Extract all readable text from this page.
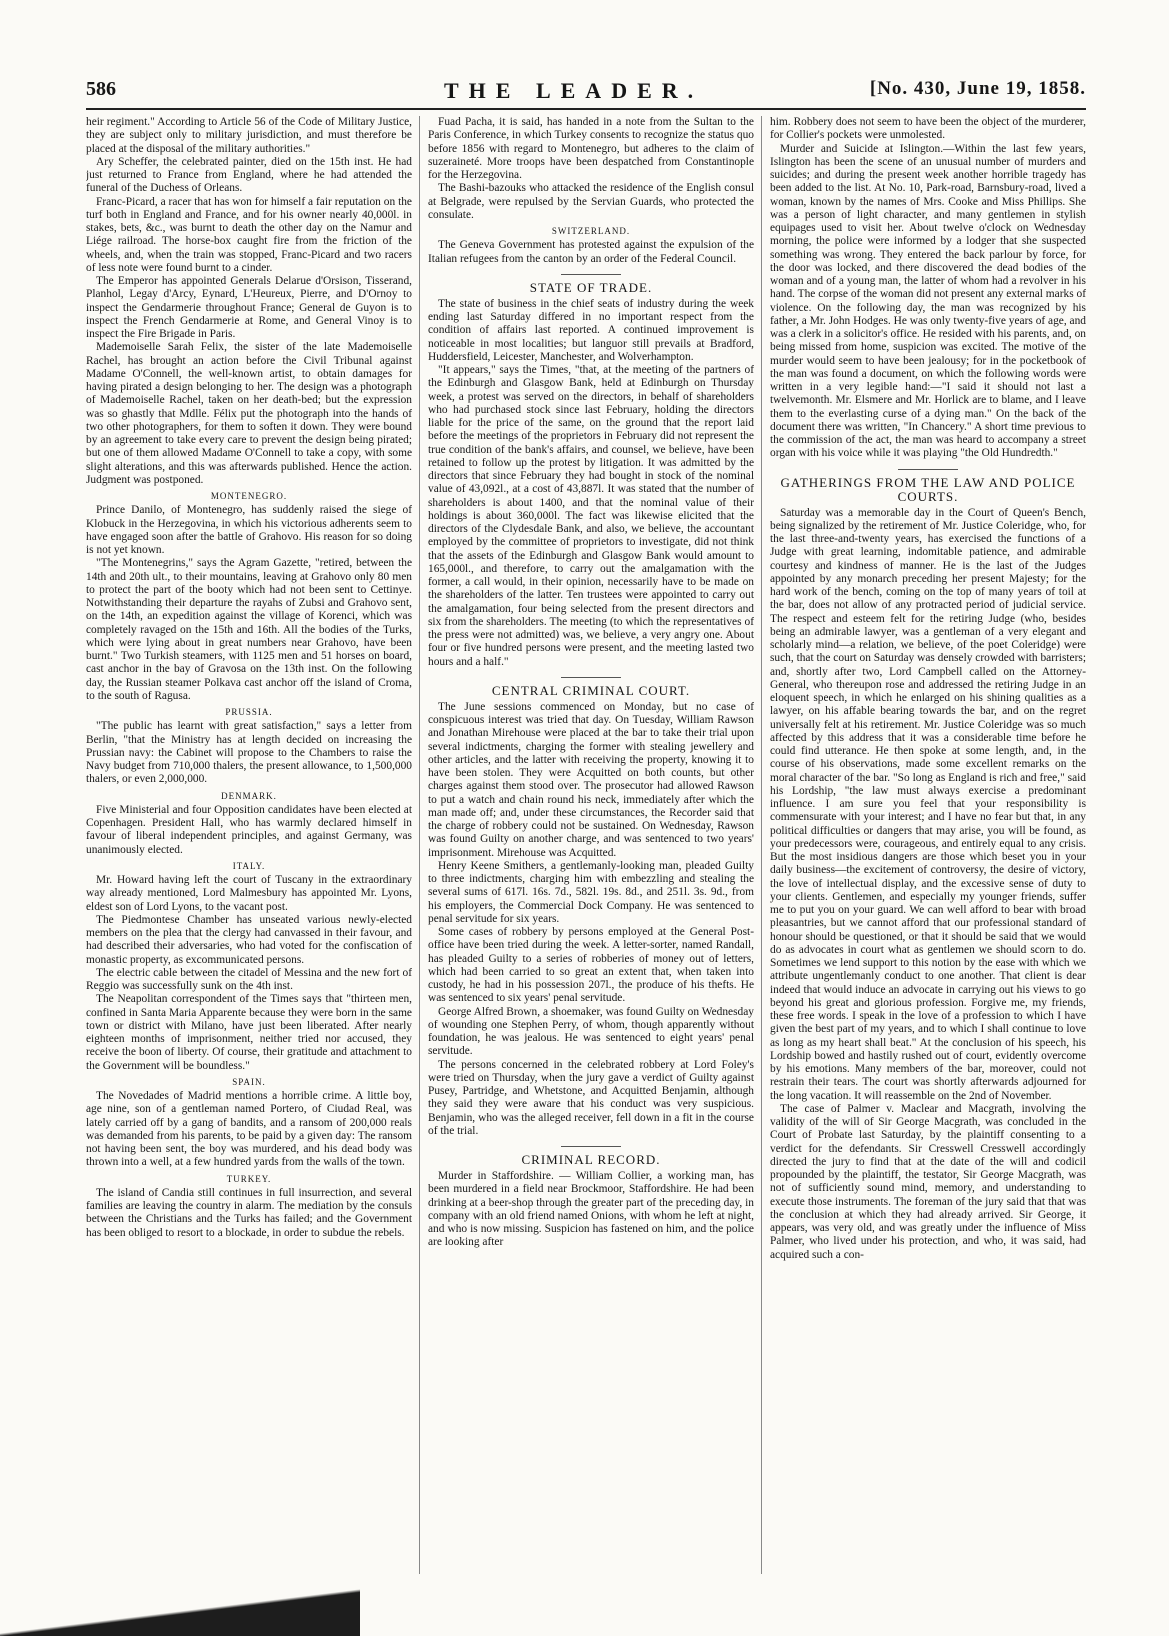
586	THE LEADER.	[No. 430, June 19, 1858.

heir regiment." According to Article 56 of the Code of Military Justice, they are subject only to military jurisdiction, and must therefore be placed at the disposal of the military authorities."

Ary Scheffer, the celebrated painter, died on the 15th inst. He had just returned to France from England, where he had attended the funeral of the Duchess of Orleans.

Franc-Picard, a racer that has won for himself a fair reputation on the turf both in England and France, and for his owner nearly 40,000l. in stakes, bets, &c., was burnt to death the other day on the Namur and Liége railroad. The horse-box caught fire from the friction of the wheels, and, when the train was stopped, Franc-Picard and two racers of less note were found burnt to a cinder.

The Emperor has appointed Generals Delarue d'Orsison, Tisserand, Planhol, Legay d'Arcy, Eynard, L'Heureux, Pierre, and D'Ornoy to inspect the Gendarmerie throughout France; General de Guyon is to inspect the French Gendarmerie at Rome, and General Vinoy is to inspect the Fire Brigade in Paris.

Mademoiselle Sarah Felix, the sister of the late Mademoiselle Rachel, has brought an action before the Civil Tribunal against Madame O'Connell, the well-known artist, to obtain damages for having pirated a design belonging to her. The design was a photograph of Mademoiselle Rachel, taken on her death-bed; but the expression was so ghastly that Mdlle. Félix put the photograph into the hands of two other photographers, for them to soften it down. They were bound by an agreement to take every care to prevent the design being pirated; but one of them allowed Madame O'Connell to take a copy, with some slight alterations, and this was afterwards published. Hence the action. Judgment was postponed.

MONTENEGRO.

Prince Danilo, of Montenegro, has suddenly raised the siege of Klobuck in the Herzegovina, in which his victorious adherents seem to have engaged soon after the battle of Grahovo. His reason for so doing is not yet known.

"The Montenegrins," says the Agram Gazette, "retired, between the 14th and 20th ult., to their mountains, leaving at Grahovo only 80 men to protect the part of the booty which had not been sent to Cettinye. Notwithstanding their departure the rayahs of Zubsi and Grahovo sent, on the 14th, an expedition against the village of Korenci, which was completely ravaged on the 15th and 16th. All the bodies of the Turks, which were lying about in great numbers near Grahovo, have been burnt." Two Turkish steamers, with 1125 men and 51 horses on board, cast anchor in the bay of Gravosa on the 13th inst. On the following day, the Russian steamer Polkava cast anchor off the island of Croma, to the south of Ragusa.

PRUSSIA.

"The public has learnt with great satisfaction," says a letter from Berlin, "that the Ministry has at length decided on increasing the Prussian navy: the Cabinet will propose to the Chambers to raise the Navy budget from 710,000 thalers, the present allowance, to 1,500,000 thalers, or even 2,000,000.

DENMARK.

Five Ministerial and four Opposition candidates have been elected at Copenhagen. President Hall, who has warmly declared himself in favour of liberal independent principles, and against Germany, was unanimously elected.

ITALY.

Mr. Howard having left the court of Tuscany in the extraordinary way already mentioned, Lord Malmesbury has appointed Mr. Lyons, eldest son of Lord Lyons, to the vacant post.

The Piedmontese Chamber has unseated various newly-elected members on the plea that the clergy had canvassed in their favour, and had described their adversaries, who had voted for the confiscation of monastic property, as excommunicated persons.

The electric cable between the citadel of Messina and the new fort of Reggio was successfully sunk on the 4th inst.

The Neapolitan correspondent of the Times says that "thirteen men, confined in Santa Maria Apparente because they were born in the same town or district with Milano, have just been liberated. After nearly eighteen months of imprisonment, neither tried nor accused, they receive the boon of liberty. Of course, their gratitude and attachment to the Government will be boundless."

SPAIN.

The Novedades of Madrid mentions a horrible crime. A little boy, age nine, son of a gentleman named Portero, of Ciudad Real, was lately carried off by a gang of bandits, and a ransom of 200,000 reals was demanded from his parents, to be paid by a given day: The ransom not having been sent, the boy was murdered, and his dead body was thrown into a well, at a few hundred yards from the walls of the town.

TURKEY.

The island of Candia still continues in full insurrection, and several families are leaving the country in alarm. The mediation by the consuls between the Christians and the Turks has failed; and the Government has been obliged to resort to a blockade, in order to subdue the rebels.

Fuad Pacha, it is said, has handed in a note from the Sultan to the Paris Conference, in which Turkey consents to recognize the status quo before 1856 with regard to Montenegro, but adheres to the claim of suzeraineté. More troops have been despatched from Constantinople for the Herzegovina.

The Bashi-bazouks who attacked the residence of the English consul at Belgrade, were repulsed by the Servian Guards, who protected the consulate.

SWITZERLAND.

The Geneva Government has protested against the expulsion of the Italian refugees from the canton by an order of the Federal Council.

STATE OF TRADE.

The state of business in the chief seats of industry during the week ending last Saturday differed in no important respect from the condition of affairs last reported. A continued improvement is noticeable in most localities; but languor still prevails at Bradford, Huddersfield, Leicester, Manchester, and Wolverhampton.

"It appears," says the Times, "that, at the meeting of the partners of the Edinburgh and Glasgow Bank, held at Edinburgh on Thursday week, a protest was served on the directors, in behalf of shareholders who had purchased stock since last February, holding the directors liable for the price of the same, on the ground that the report laid before the meetings of the proprietors in February did not represent the true condition of the bank's affairs, and counsel, we believe, have been retained to follow up the protest by litigation. It was admitted by the directors that since February they had bought in stock of the nominal value of 43,092l., at a cost of 43,887l. It was stated that the number of shareholders is about 1400, and that the nominal value of their holdings is about 360,000l. The fact was likewise elicited that the directors of the Clydesdale Bank, and also, we believe, the accountant employed by the committee of proprietors to investigate, did not think that the assets of the Edinburgh and Glasgow Bank would amount to 165,000l., and therefore, to carry out the amalgamation with the former, a call would, in their opinion, necessarily have to be made on the shareholders of the latter. Ten trustees were appointed to carry out the amalgamation, four being selected from the present directors and six from the shareholders. The meeting (to which the representatives of the press were not admitted) was, we believe, a very angry one. About four or five hundred persons were present, and the meeting lasted two hours and a half."

CENTRAL CRIMINAL COURT.

The June sessions commenced on Monday, but no case of conspicuous interest was tried that day. On Tuesday, William Rawson and Jonathan Mirehouse were placed at the bar to take their trial upon several indictments, charging the former with stealing jewellery and other articles, and the latter with receiving the property, knowing it to have been stolen. They were Acquitted on both counts, but other charges against them stood over. The prosecutor had allowed Rawson to put a watch and chain round his neck, immediately after which the man made off; and, under these circumstances, the Recorder said that the charge of robbery could not be sustained. On Wednesday, Rawson was found Guilty on another charge, and was sentenced to two years' imprisonment. Mirehouse was Acquitted.

Henry Keene Smithers, a gentlemanly-looking man, pleaded Guilty to three indictments, charging him with embezzling and stealing the several sums of 617l. 16s. 7d., 582l. 19s. 8d., and 251l. 3s. 9d., from his employers, the Commercial Dock Company. He was sentenced to penal servitude for six years.

Some cases of robbery by persons employed at the General Post-office have been tried during the week. A letter-sorter, named Randall, has pleaded Guilty to a series of robberies of money out of letters, which had been carried to so great an extent that, when taken into custody, he had in his possession 207l., the produce of his thefts. He was sentenced to six years' penal servitude.

George Alfred Brown, a shoemaker, was found Guilty on Wednesday of wounding one Stephen Perry, of whom, though apparently without foundation, he was jealous. He was sentenced to eight years' penal servitude.

The persons concerned in the celebrated robbery at Lord Foley's were tried on Thursday, when the jury gave a verdict of Guilty against Pusey, Partridge, and Whetstone, and Acquitted Benjamin, although they said they were aware that his conduct was very suspicious. Benjamin, who was the alleged receiver, fell down in a fit in the course of the trial.

CRIMINAL RECORD.

Murder in Staffordshire. — William Collier, a working man, has been murdered in a field near Brockmoor, Staffordshire. He had been drinking at a beer-shop through the greater part of the preceding day, in company with an old friend named Onions, with whom he left at night, and who is now missing. Suspicion has fastened on him, and the police are looking after

him. Robbery does not seem to have been the object of the murderer, for Collier's pockets were unmolested.

Murder and Suicide at Islington.—Within the last few years, Islington has been the scene of an unusual number of murders and suicides; and during the present week another horrible tragedy has been added to the list. At No. 10, Park-road, Barnsbury-road, lived a woman, known by the names of Mrs. Cooke and Miss Phillips. She was a person of light character, and many gentlemen in stylish equipages used to visit her. About twelve o'clock on Wednesday morning, the police were informed by a lodger that she suspected something was wrong. They entered the back parlour by force, for the door was locked, and there discovered the dead bodies of the woman and of a young man, the latter of whom had a revolver in his hand. The corpse of the woman did not present any external marks of violence. On the following day, the man was recognized by his father, a Mr. John Hodges. He was only twenty-five years of age, and was a clerk in a solicitor's office. He resided with his parents, and, on being missed from home, suspicion was excited. The motive of the murder would seem to have been jealousy; for in the pocketbook of the man was found a document, on which the following words were written in a very legible hand:—"I said it should not last a twelvemonth. Mr. Elsmere and Mr. Horlick are to blame, and I leave them to the everlasting curse of a dying man." On the back of the document there was written, "In Chancery." A short time previous to the commission of the act, the man was heard to accompany a street organ with his voice while it was playing "the Old Hundredth."

GATHERINGS FROM THE LAW AND POLICE COURTS.

Saturday was a memorable day in the Court of Queen's Bench, being signalized by the retirement of Mr. Justice Coleridge, who, for the last three-and-twenty years, has exercised the functions of a Judge with great learning, indomitable patience, and admirable courtesy and kindness of manner. He is the last of the Judges appointed by any monarch preceding her present Majesty; for the hard work of the bench, coming on the top of many years of toil at the bar, does not allow of any protracted period of judicial service. The respect and esteem felt for the retiring Judge (who, besides being an admirable lawyer, was a gentleman of a very elegant and scholarly mind—a relation, we believe, of the poet Coleridge) were such, that the court on Saturday was densely crowded with barristers; and, shortly after two, Lord Campbell called on the Attorney-General, who thereupon rose and addressed the retiring Judge in an eloquent speech, in which he enlarged on his shining qualities as a lawyer, on his affable bearing towards the bar, and on the regret universally felt at his retirement. Mr. Justice Coleridge was so much affected by this address that it was a considerable time before he could find utterance. He then spoke at some length, and, in the course of his observations, made some excellent remarks on the moral character of the bar. "So long as England is rich and free," said his Lordship, "the law must always exercise a predominant influence. I am sure you feel that your responsibility is commensurate with your interest; and I have no fear but that, in any political difficulties or dangers that may arise, you will be found, as your predecessors were, courageous, and entirely equal to any crisis. But the most insidious dangers are those which beset you in your daily business—the excitement of controversy, the desire of victory, the love of intellectual display, and the excessive sense of duty to your clients. Gentlemen, and especially my younger friends, suffer me to put you on your guard. We can well afford to bear with broad pleasantries, but we cannot afford that our professional standard of honour should be questioned, or that it should be said that we would do as advocates in court what as gentlemen we should scorn to do. Sometimes we lend support to this notion by the ease with which we attribute ungentlemanly conduct to one another. That client is dear indeed that would induce an advocate in carrying out his views to go beyond his great and glorious profession. Forgive me, my friends, these free words. I speak in the love of a profession to which I have given the best part of my years, and to which I shall continue to love as long as my heart shall beat." At the conclusion of his speech, his Lordship bowed and hastily rushed out of court, evidently overcome by his emotions. Many members of the bar, moreover, could not restrain their tears. The court was shortly afterwards adjourned for the long vacation. It will reassemble on the 2nd of November.

The case of Palmer v. Maclear and Macgrath, involving the validity of the will of Sir George Macgrath, was concluded in the Court of Probate last Saturday, by the plaintiff consenting to a verdict for the defendants. Sir Cresswell Cresswell accordingly directed the jury to find that at the date of the will and codicil propounded by the plaintiff, the testator, Sir George Macgrath, was not of sufficiently sound mind, memory, and understanding to execute those instruments. The foreman of the jury said that that was the conclusion at which they had already arrived. Sir George, it appears, was very old, and was greatly under the influence of Miss Palmer, who lived under his protection, and who, it was said, had acquired such a con-
